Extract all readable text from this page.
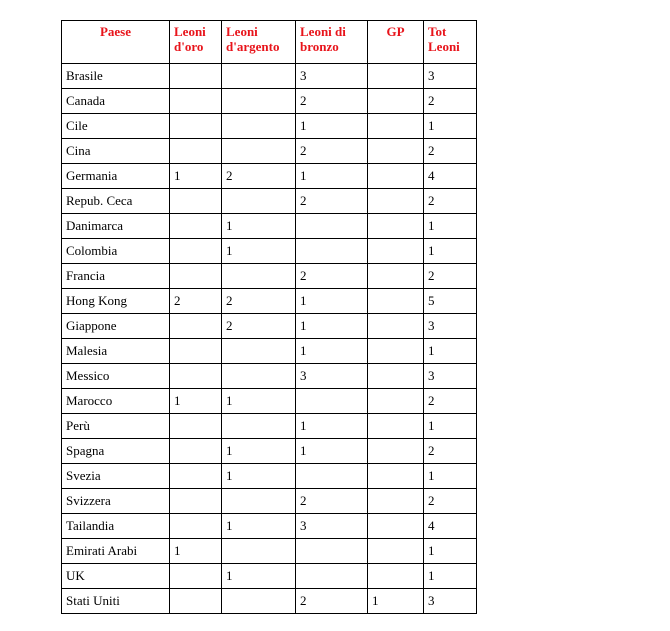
Paese	Leoni d'oro	Leoni d'argento	Leoni di bronzo	GP	Tot Leoni
Brasile			3		3
Canada			2		2
Cile			1		1
Cina			2		2
Germania	1	2	1		4
Repub. Ceca			2		2
Danimarca		1			1
Colombia		1			1
Francia			2		2
Hong Kong	2	2	1		5
Giappone		2	1		3
Malesia			1		1
Messico			3		3
Marocco	1	1			2
Perù			1		1
Spagna		1	1		2
Svezia		1			1
Svizzera			2		2
Tailandia		1	3		4
Emirati Arabi	1				1
UK		1			1
Stati Uniti			2	1	3
